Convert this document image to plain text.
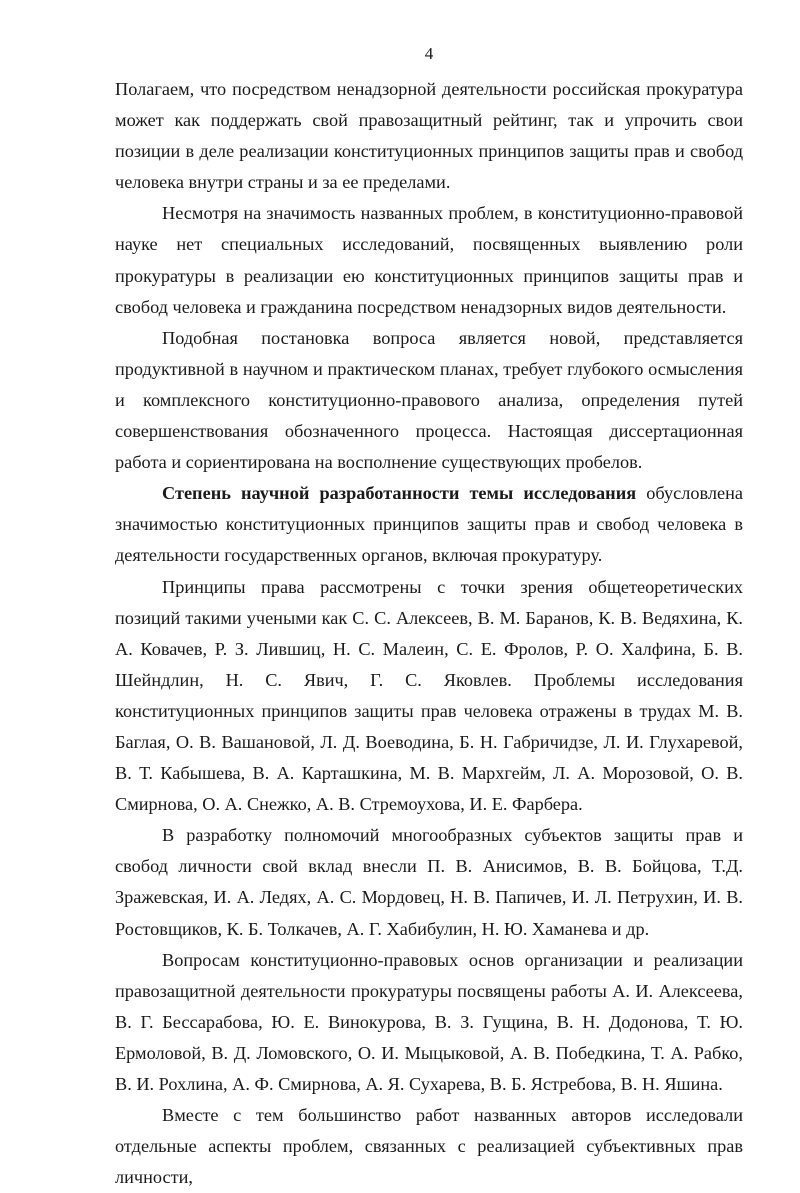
4

Полагаем, что посредством ненадзорной деятельности российская прокуратура может как поддержать свой правозащитный рейтинг, так и упрочить свои позиции в деле реализации конституционных принципов защиты прав и свобод человека внутри страны и за ее пределами.

Несмотря на значимость названных проблем, в конституционно-правовой науке нет специальных исследований, посвященных выявлению роли прокуратуры в реализации ею конституционных принципов защиты прав и свобод человека и гражданина посредством ненадзорных видов деятельности.

Подобная постановка вопроса является новой, представляется продуктивной в научном и практическом планах, требует глубокого осмысления и комплексного конституционно-правового анализа, определения путей совершенствования обозначенного процесса. Настоящая диссертационная работа и сориентирована на восполнение существующих пробелов.

Степень научной разработанности темы исследования обусловлена значимостью конституционных принципов защиты прав и свобод человека в деятельности государственных органов, включая прокуратуру.

Принципы права рассмотрены с точки зрения общетеоретических позиций такими учеными как С. С. Алексеев, В. М. Баранов, К. В. Ведяхина, К. А. Ковачев, Р. З. Лившиц, Н. С. Малеин, С. Е. Фролов, Р. О. Халфина, Б. В. Шейндлин, Н. С. Явич, Г. С. Яковлев. Проблемы исследования конституционных принципов защиты прав человека отражены в трудах М. В. Баглая, О. В. Вашановой, Л. Д. Воеводина, Б. Н. Габричидзе, Л. И. Глухаревой, В. Т. Кабышева, В. А. Карташкина, М. В. Мархгейм, Л. А. Морозовой, О. В. Смирнова, О. А. Снежко, А. В. Стремоухова, И. Е. Фарбера.

В разработку полномочий многообразных субъектов защиты прав и свобод личности свой вклад внесли П. В. Анисимов, В. В. Бойцова, Т.Д. Зражевская, И. А. Ледях, А. С. Мордовец, Н. В. Папичев, И. Л. Петрухин, И. В. Ростовщиков, К. Б. Толкачев, А. Г. Хабибулин, Н. Ю. Хаманева и др.

Вопросам конституционно-правовых основ организации и реализации правозащитной деятельности прокуратуры посвящены работы А. И. Алексеева, В. Г. Бессарабова, Ю. Е. Винокурова, В. З. Гущина, В. Н. Додонова, Т. Ю. Ермоловой, В. Д. Ломовского, О. И. Мыцыковой, А. В. Победкина, Т. А. Рабко, В. И. Рохлина, А. Ф. Смирнова, А. Я. Сухарева, В. Б. Ястребова, В. Н. Яшина.

Вместе с тем большинство работ названных авторов исследовали отдельные аспекты проблем, связанных с реализацией субъективных прав личности,
